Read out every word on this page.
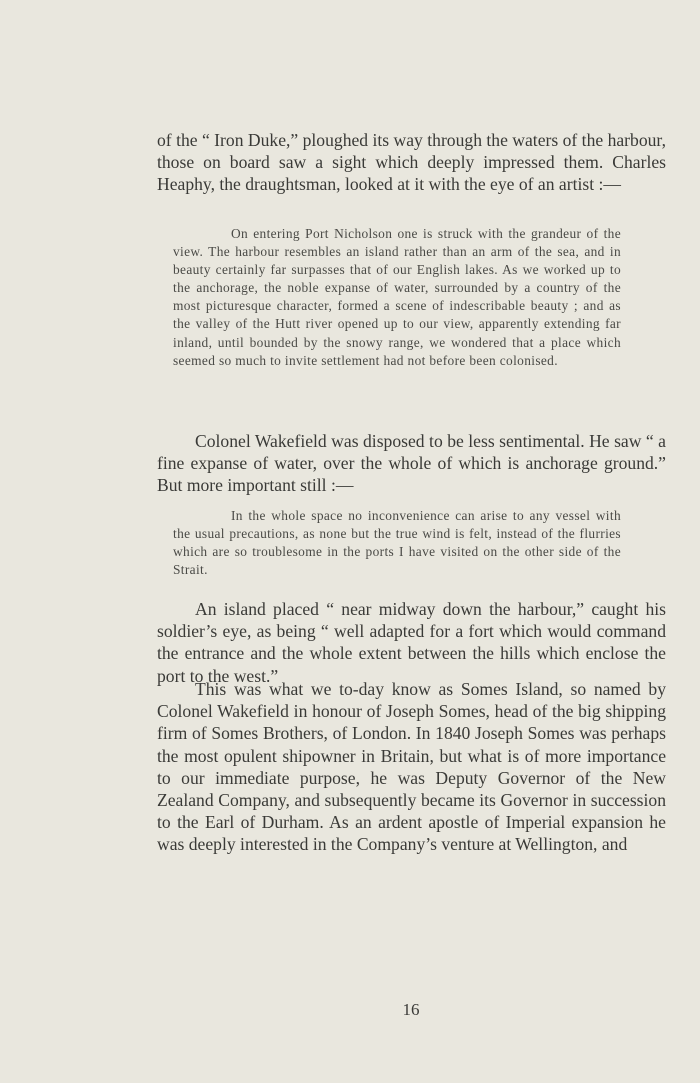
of the “ Iron Duke,” ploughed its way through the waters of the harbour, those on board saw a sight which deeply impressed them. Charles Heaphy, the draughtsman, looked at it with the eye of an artist :—

On entering Port Nicholson one is struck with the grandeur of the view. The harbour resembles an island rather than an arm of the sea, and in beauty certainly far surpasses that of our English lakes. As we worked up to the anchorage, the noble expanse of water, surrounded by a country of the most picturesque character, formed a scene of indescribable beauty ; and as the valley of the Hutt river opened up to our view, apparently extending far inland, until bounded by the snowy range, we wondered that a place which seemed so much to invite settlement had not before been colonised.

Colonel Wakefield was disposed to be less sentimental. He saw “ a fine expanse of water, over the whole of which is anchorage ground.” But more important still :—

In the whole space no inconvenience can arise to any vessel with the usual precautions, as none but the true wind is felt, instead of the flurries which are so troublesome in the ports I have visited on the other side of the Strait.

An island placed “ near midway down the harbour,” caught his soldier’s eye, as being “ well adapted for a fort which would command the entrance and the whole extent between the hills which enclose the port to the west.”

This was what we to-day know as Somes Island, so named by Colonel Wakefield in honour of Joseph Somes, head of the big shipping firm of Somes Brothers, of London. In 1840 Joseph Somes was perhaps the most opulent shipowner in Britain, but what is of more importance to our immediate purpose, he was Deputy Governor of the New Zealand Company, and subsequently became its Governor in succession to the Earl of Durham. As an ardent apostle of Imperial expansion he was deeply interested in the Company’s venture at Wellington, and

16
